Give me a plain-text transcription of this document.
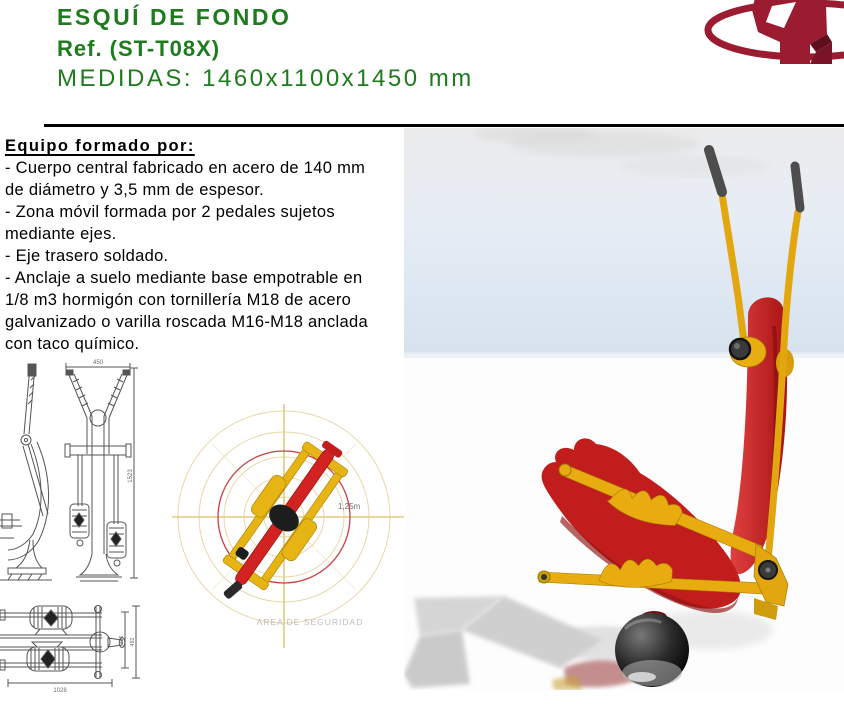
ESQUÍ DE FONDO
Ref. (ST-T08X)
MEDIDAS: 1460x1100x1450 mm
Equipo formado por:
- Cuerpo central fabricado en acero de 140 mm
de diámetro y 3,5 mm de espesor.
- Zona móvil formada por 2 pedales sujetos
mediante ejes.
- Eje trasero soldado.
- Anclaje a suelo mediante base empotrable en
1/8 m3 hormigón con tornillería M18 de acero
galvanizado o varilla roscada M16-M18 anclada
con taco químico.
450
1523
1028
306 482
1,25m
AREA DE SEGURIDAD
